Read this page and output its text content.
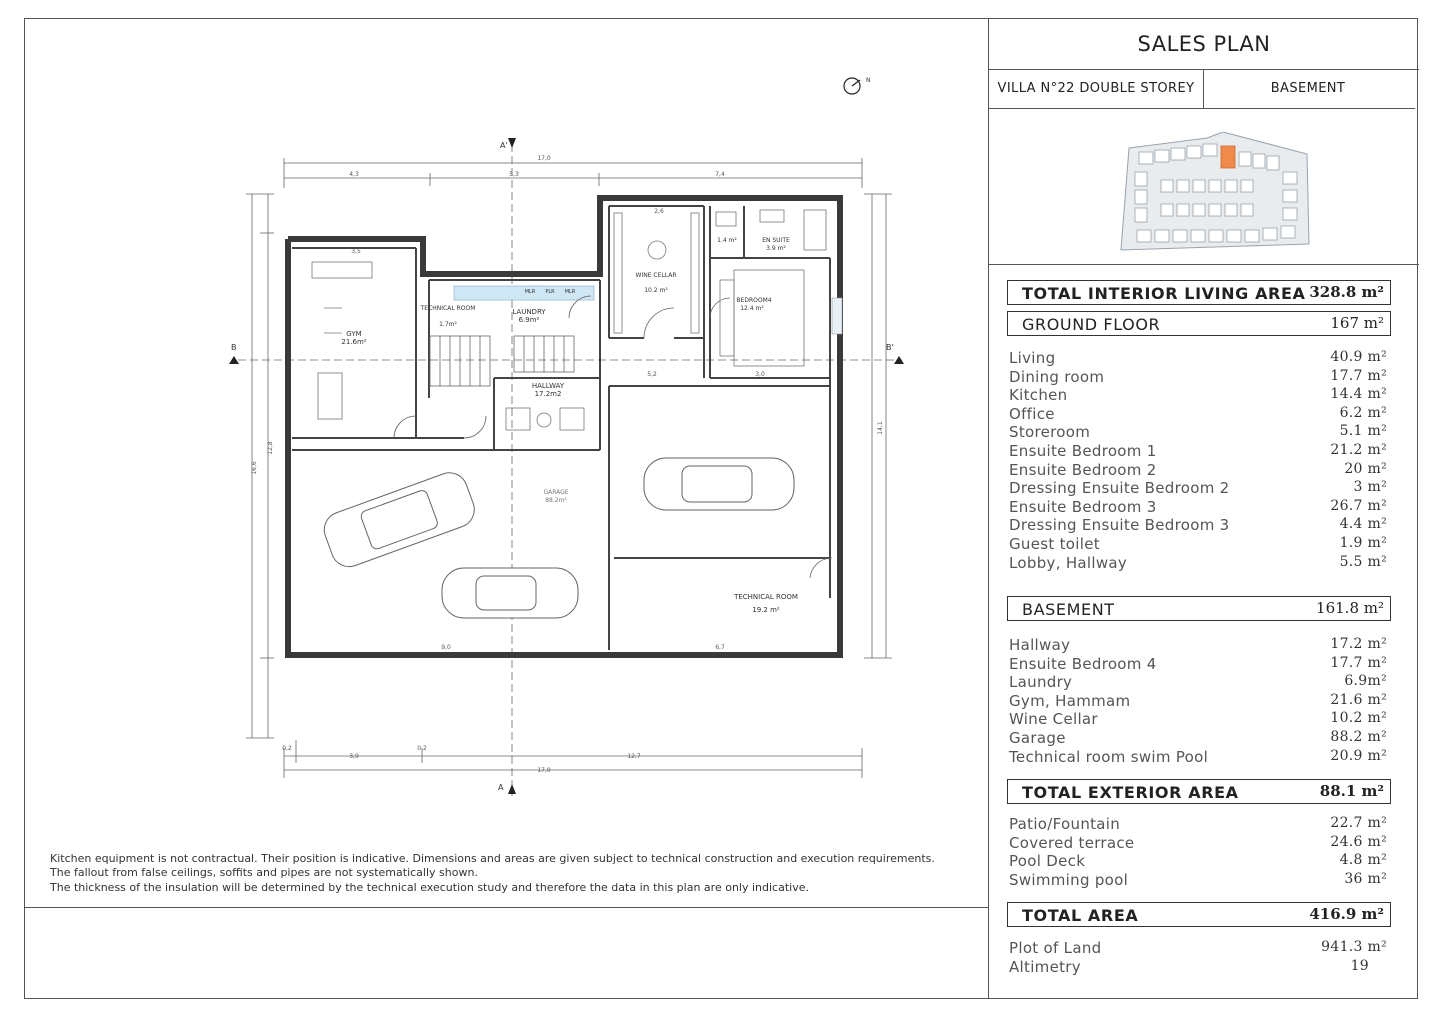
A'
A
B	B'
N
17,0
4,3	5,3	7,4
17,0
3,9	12,7
3,5
2,6
9,0	6,7
0,2	0,2
5,2	3,0
16,6
12,8
14,1
GYM
21.6m²
TECHNICAL ROOM
1.7m²
LAUNDRY
6.9m²
WINE CELLAR
10.2 m²
EN SUITE
3.9 m²
1.4 m²
BEDROOM4
12.4 m²
HALLWAY
17.2m2
GARAGE
88.2m²
TECHNICAL ROOM
19.2 m²
MLR PLR MLR
Kitchen equipment is not contractual. Their position is indicative. Dimensions and areas are given subject to technical construction and execution requirements.
The fallout from false ceilings, soffits and pipes are not systematically shown.
The thickness of the insulation will be determined by the technical execution study and therefore the data in this plan are only indicative.
SALES PLAN
VILLA N°22 DOUBLE STOREY	BASEMENT
TOTAL INTERIOR LIVING AREA 328.8 m²
GROUND FLOOR	167 m²
Living	40.9 m²
Dining room	17.7 m²
Kitchen	14.4 m²
Office	6.2 m²
Storeroom	5.1 m²
Ensuite Bedroom 1	21.2 m²
Ensuite Bedroom 2	20 m²
Dressing Ensuite Bedroom 2	3 m²
Ensuite Bedroom 3	26.7 m²
Dressing Ensuite Bedroom 3	4.4 m²
Guest toilet	1.9 m²
Lobby, Hallway	5.5 m²
BASEMENT	161.8 m²
Hallway	17.2 m²
Ensuite Bedroom 4	17.7 m²
Laundry	6.9m²
Gym, Hammam	21.6 m²
Wine Cellar	10.2 m²
Garage	88.2 m²
Technical room swim Pool	20.9 m²
TOTAL EXTERIOR AREA	88.1 m²
Patio/Fountain	22.7 m²
Covered terrace	24.6 m²
Pool Deck	4.8 m²
Swimming pool	36 m²
TOTAL AREA	416.9 m²
Plot of Land	941.3 m²
Altimetry	19
